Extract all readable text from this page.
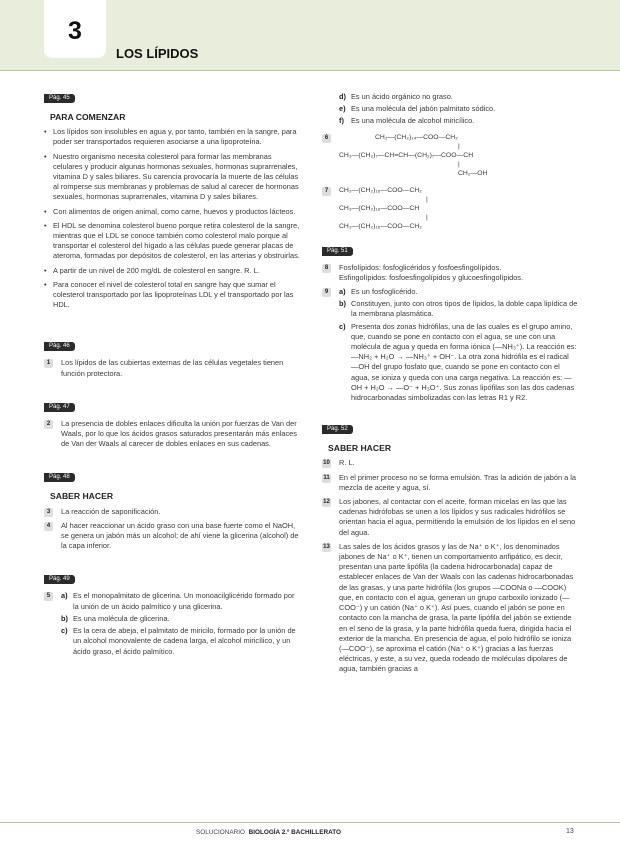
3
LOS LÍPIDOS
Pág. 45
PARA COMENZAR
• Los lípidos son insolubles en agua y, por tanto, también en la sangre, para poder ser transportados requieren asociarse a una lipoproteína.
• Nuestro organismo necesita colesterol para formar las membranas celulares y producir algunas hormonas sexuales, hormonas suprarrenales, vitamina D y sales biliares. Su carencia provocaría la muerte de las células al romperse sus membranas y problemas de salud al carecer de hormonas sexuales, hormonas suprarrenales, vitamina D y sales biliares.
• Con alimentos de origen animal, como carne, huevos y productos lácteos.
• El HDL se denomina colesterol bueno porque retira colesterol de la sangre, mientras que el LDL se conoce también como colesterol malo porque al transportar el colesterol del hígado a las células puede generar placas de ateroma, formadas por depósitos de colesterol, en las arterias y obstruirlas.
• A partir de un nivel de 200 mg/dL de colesterol en sangre. R. L.
• Para conocer el nivel de colesterol total en sangre hay que sumar el colesterol transportado por las lipoproteínas LDL y el transportado por las HDL.
Pág. 46
1	Los lípidos de las cubiertas externas de las células vegetales tienen función protectora.
Pág. 47
2	La presencia de dobles enlaces dificulta la unión por fuerzas de Van der Waals, por lo que los ácidos grasos saturados presentarán más enlaces de Van der Waals al carecer de dobles enlaces en sus cadenas.
Pág. 48
SABER HACER
3	La reacción de saponificación.
4	Al hacer reaccionar un ácido graso con una base fuerte como el NaOH, se genera un jabón más un alcohol; de ahí viene la glicerina (alcohol) de la capa inferior.
Pág. 49
5	a) Es el monopalmitato de glicerina. Un monoacilglicérido formado por la unión de un ácido palmítico y una glicerina.
b) Es una molécula de glicerina.
c) Es la cera de abeja, el palmitato de miricilo, formado por la unión de un alcohol monovalente de cadena larga, el alcohol miricílico, y un ácido graso, el ácido palmítico.
d) Es un ácido orgánico no graso.
e) Es una molécula del jabón palmitato sódico.
f) Es una molécula de alcohol miricílico.
6	CH₂—(CH₂)₁₄—COO—CH₂
|
CH₃—(CH₂)₇—CH=CH—(CH₂)₇—COO—CH
|
CH₂—OH
7	CH₃—(CH₂)₁₆—COO—CH₂
|
CH₃—(CH₂)₁₆—COO—CH
|
CH₃—(CH₂)₁₆—COO—CH₂
Pág. 51
8	Fosfolípidos: fosfoglicéridos y fosfoesfingolípidos.
Esfingolípidos: fosfoesfingolípidos y glucoesfingolípidos.
9	a) Es un fosfoglicérido.
b) Constituyen, junto con otros tipos de lípidos, la doble capa lipídica de la membrana plasmática.
c) Presenta dos zonas hidrófilas, una de las cuales es el grupo amino, que, cuando se pone en contacto con el agua, se une con una molécula de agua y queda en forma iónica (—NH₃⁺). La reacción es: —NH₂ + H₂O → —NH₃⁺ + OH⁻. La otra zona hidrófila es el radical —OH del grupo fosfato que, cuando se pone en contacto con el agua, se ioniza y queda con una carga negativa. La reacción es: —OH + H₂O → —O⁻ + H₃O⁺. Sus zonas lipófilas son las dos cadenas hidrocarbonadas simbolizadas con las letras R1 y R2.
Pág. 52
SABER HACER
10 R. L.
11 En el primer proceso no se forma emulsión. Tras la adición de jabón a la mezcla de aceite y agua, sí.
12 Los jabones, al contactar con el aceite, forman micelas en las que las cadenas hidrófobas se unen a los lípidos y sus radicales hidrófilos se orientan hacia el agua, permitiendo la emulsión de los lípidos en el seno del agua.
13 Las sales de los ácidos grasos y las de Na⁺ o K⁺, los denominados jabones de Na⁺ o K⁺, tienen un comportamiento anfipático, es decir, presentan una parte lipófila (la cadena hidrocarbonada) capaz de establecer enlaces de Van der Waals con las cadenas hidrocarbonadas de las grasas, y una parte hidrófila (los grupos —COONa o —COOK) que, en contacto con el agua, generan un grupo carboxilo ionizado (—COO⁻) y un catión (Na⁺ o K⁺). Así pues, cuando el jabón se pone en contacto con la mancha de grasa, la parte lipófila del jabón se extiende en el seno de la grasa, y la parte hidrófila queda fuera, dirigida hacia el exterior de la mancha. En presencia de agua, el polo hidrófilo se ioniza (—COO⁻), se aproxima el catión (Na⁺ o K⁺) gracias a las fuerzas eléctricas, y este, a su vez, queda rodeado de moléculas dipolares de agua, también gracias a
SOLUCIONARIO BIOLOGÍA 2.º BACHILLERATO	13
